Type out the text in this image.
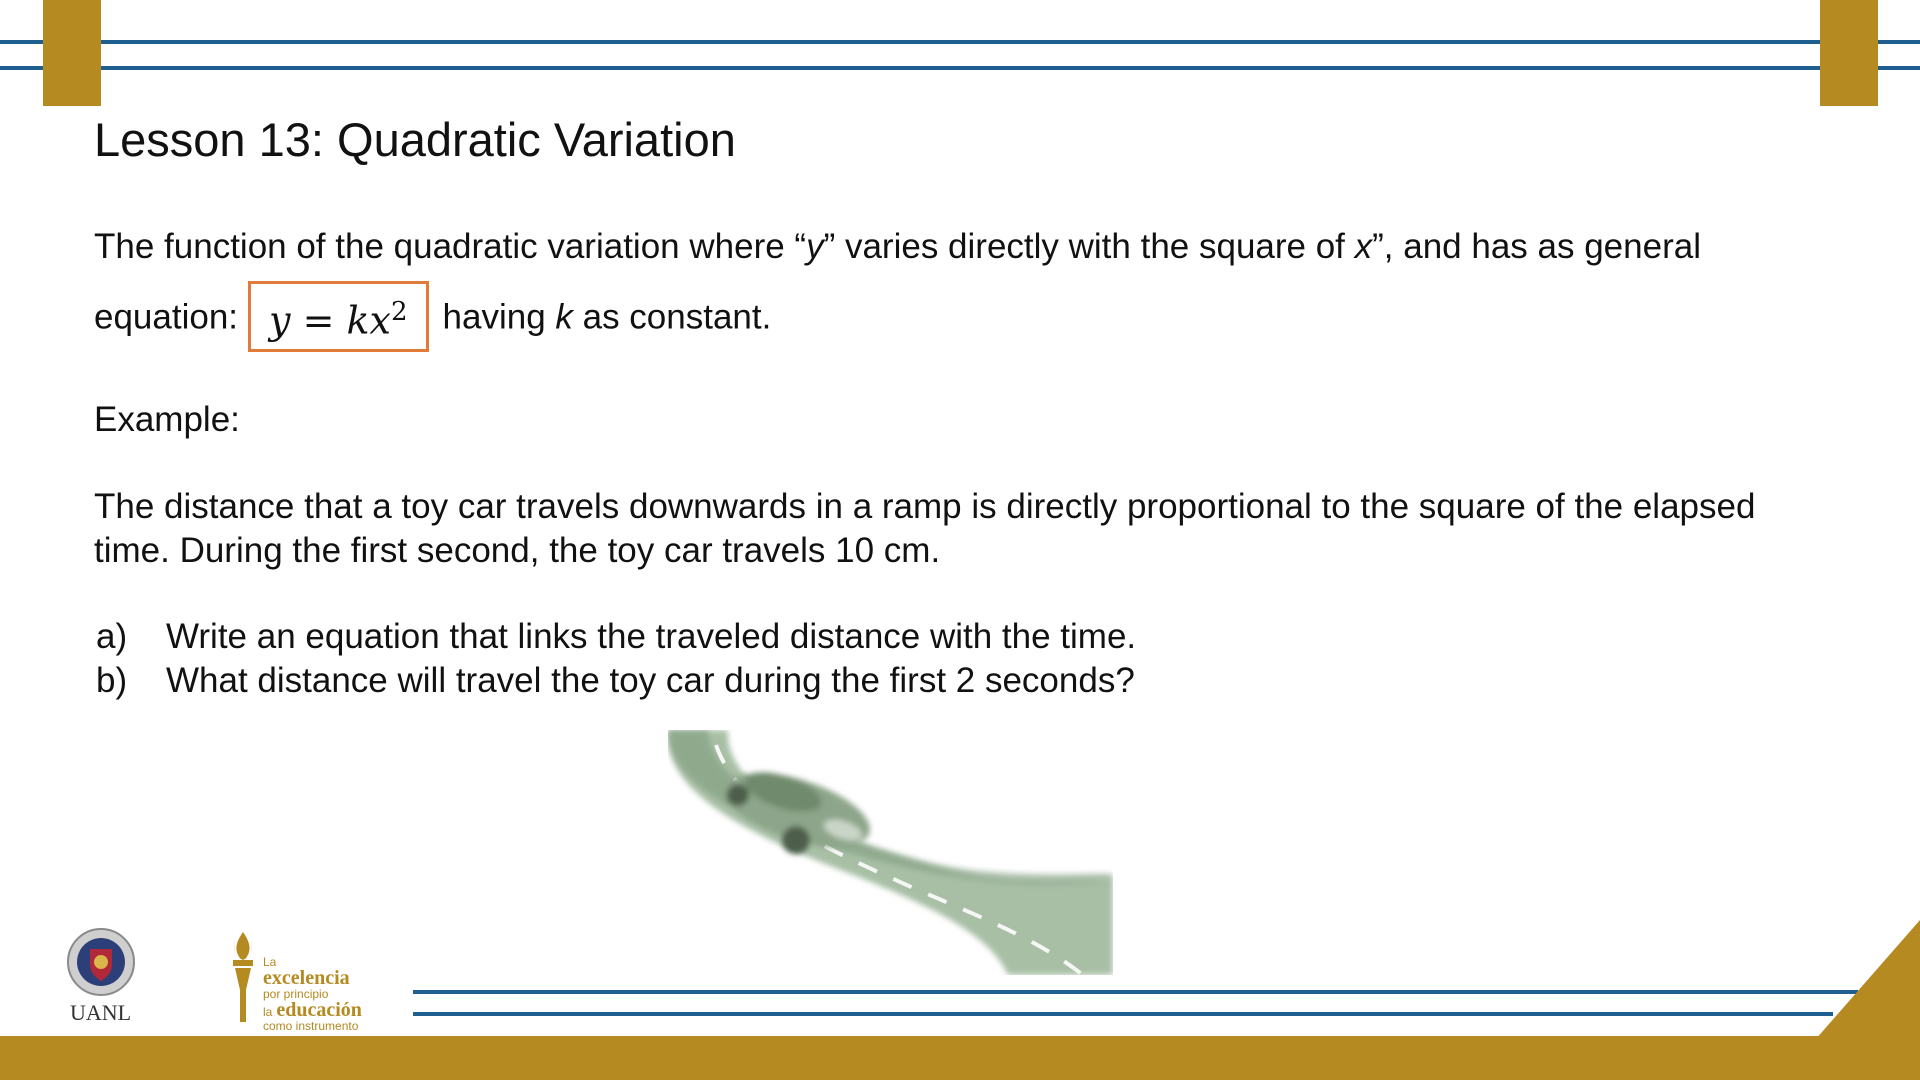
Lesson 13: Quadratic Variation

The function of the quadratic variation where “y” varies directly with the square of x”, and has as general

equation: $y = kx^2$ having k as constant.

Example:

The distance that a toy car travels downwards in a ramp is directly proportional to the square of the elapsed

time. During the first second, the toy car travels 10 cm.

a)	Write an equation that links the traveled distance with the time.
b)	What distance will travel the toy car during the first 2 seconds?
UANL
La
excelencia
por principio
la educación
como instrumento
